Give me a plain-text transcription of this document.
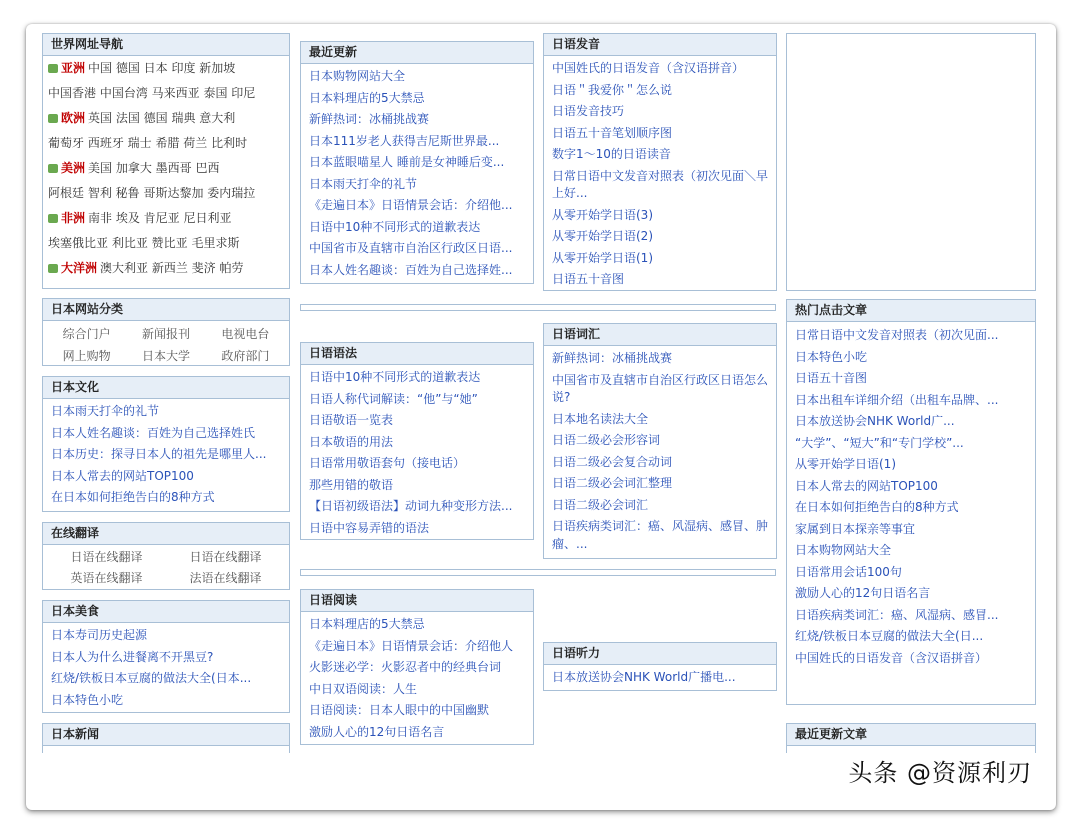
世界网址导航
亚洲 中国 德国 日本 印度 新加坡
中国香港 中国台湾 马来西亚 泰国 印尼
欧洲 英国 法国 德国 瑞典 意大利
葡萄牙 西班牙 瑞士 希腊 荷兰 比利时
美洲 美国 加拿大 墨西哥 巴西
阿根廷 智利 秘鲁 哥斯达黎加 委内瑞拉
非洲 南非 埃及 肯尼亚 尼日利亚
埃塞俄比亚 利比亚 赞比亚 毛里求斯
大洋洲 澳大利亚 新西兰 斐济 帕劳
日本网站分类
综合门户	新闻报刊	电视电台
网上购物	日本大学	政府部门
日本文化
日本雨天打伞的礼节
日本人姓名趣谈：百姓为自己选择姓氏
日本历史：探寻日本人的祖先是哪里人...
日本人常去的网站TOP100
在日本如何拒绝告白的8种方式
在线翻译
日语在线翻译	日语在线翻译
英语在线翻译	法语在线翻译
日本美食
日本寿司历史起源
日本人为什么进餐离不开黑豆?
红烧/铁板日本豆腐的做法大全(日本...
日本特色小吃
日本新闻
最近更新
日本购物网站大全
日本料理店的5大禁忌
新鲜热词：冰桶挑战赛
日本111岁老人获得吉尼斯世界最...
日本蓝眼喵星人 睡前是女神睡后变...
日本雨天打伞的礼节
《走遍日本》日语情景会话：介绍他...
日语中10种不同形式的道歉表达
中国省市及直辖市自治区行政区日语...
日本人姓名趣谈：百姓为自己选择姓...
日语语法
日语中10种不同形式的道歉表达
日语人称代词解读：“他”与“她”
日语敬语一览表
日本敬语的用法
日语常用敬语套句（接电话）
那些用错的敬语
【日语初级语法】动词九种变形方法...
日语中容易弄错的语法
日语阅读
日本料理店的5大禁忌
《走遍日本》日语情景会话：介绍他人
火影迷必学：火影忍者中的经典台词
中日双语阅读：人生
日语阅读：日本人眼中的中国幽默
激励人心的12句日语名言
日语发音
中国姓氏的日语发音（含汉语拼音）
日语＂我爱你＂怎么说
日语发音技巧
日语五十音笔划顺序图
数字1～10的日语读音
日常日语中文发音对照表（初次见面＼早上好...
从零开始学日语(3)
从零开始学日语(2)
从零开始学日语(1)
日语五十音图
日语词汇
新鲜热词：冰桶挑战赛
中国省市及直辖市自治区行政区日语怎么说?
日本地名读法大全
日语二级必会形容词
日语二级必会复合动词
日语二级必会词汇整理
日语二级必会词汇
日语疾病类词汇：癌、风湿病、感冒、肿瘤、...
日语听力
日本放送协会NHK World广播电...
热门点击文章
日常日语中文发音对照表（初次见面...
日本特色小吃
日语五十音图
日本出租车详细介绍（出租车品牌、...
日本放送协会NHK World广...
“大学”、“短大”和“专门学校”...
从零开始学日语(1)
日本人常去的网站TOP100
在日本如何拒绝告白的8种方式
家属到日本探亲等事宜
日本购物网站大全
日语常用会话100句
激励人心的12句日语名言
日语疾病类词汇：癌、风湿病、感冒...
红烧/铁板日本豆腐的做法大全(日...
中国姓氏的日语发音（含汉语拼音）
最近更新文章
头条 @资源利刃
